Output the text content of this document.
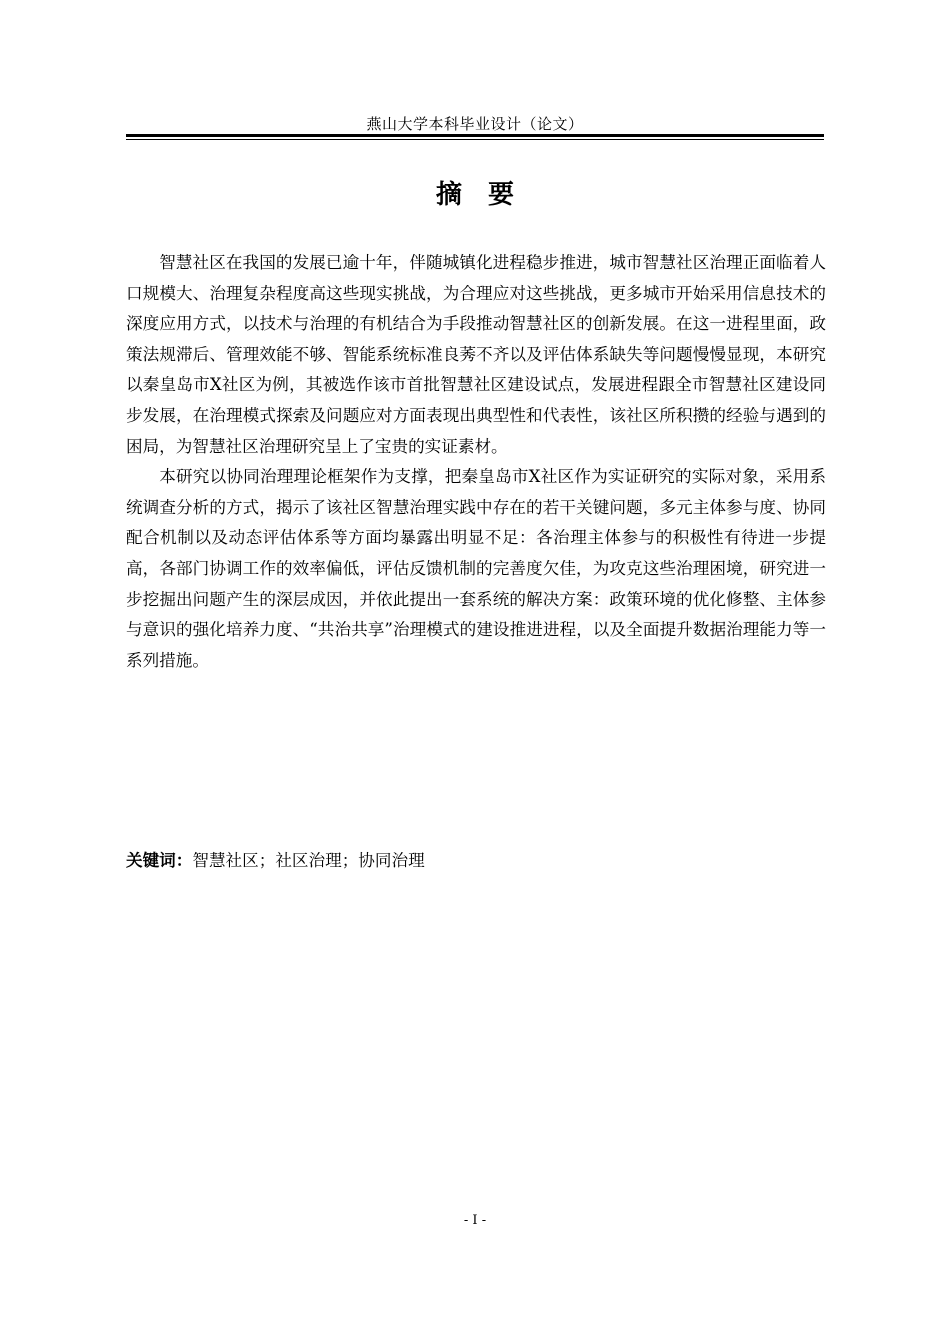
燕山大学本科毕业设计（论文）
摘　要

智慧社区在我国的发展已逾十年，伴随城镇化进程稳步推进，城市智慧社区治理正面临着人口规模大、治理复杂程度高这些现实挑战，为合理应对这些挑战，更多城市开始采用信息技术的深度应用方式，以技术与治理的有机结合为手段推动智慧社区的创新发展。在这一进程里面，政策法规滞后、管理效能不够、智能系统标准良莠不齐以及评估体系缺失等问题慢慢显现，本研究以秦皇岛市X社区为例，其被选作该市首批智慧社区建设试点，发展进程跟全市智慧社区建设同步发展，在治理模式探索及问题应对方面表现出典型性和代表性，该社区所积攒的经验与遇到的困局，为智慧社区治理研究呈上了宝贵的实证素材。

本研究以协同治理理论框架作为支撑，把秦皇岛市X社区作为实证研究的实际对象，采用系统调查分析的方式，揭示了该社区智慧治理实践中存在的若干关键问题，多元主体参与度、协同配合机制以及动态评估体系等方面均暴露出明显不足：各治理主体参与的积极性有待进一步提高，各部门协调工作的效率偏低，评估反馈机制的完善度欠佳，为攻克这些治理困境，研究进一步挖掘出问题产生的深层成因，并依此提出一套系统的解决方案：政策环境的优化修整、主体参与意识的强化培养力度、“共治共享”治理模式的建设推进进程，以及全面提升数据治理能力等一系列措施。

关键词：智慧社区；社区治理；协同治理
- I -
